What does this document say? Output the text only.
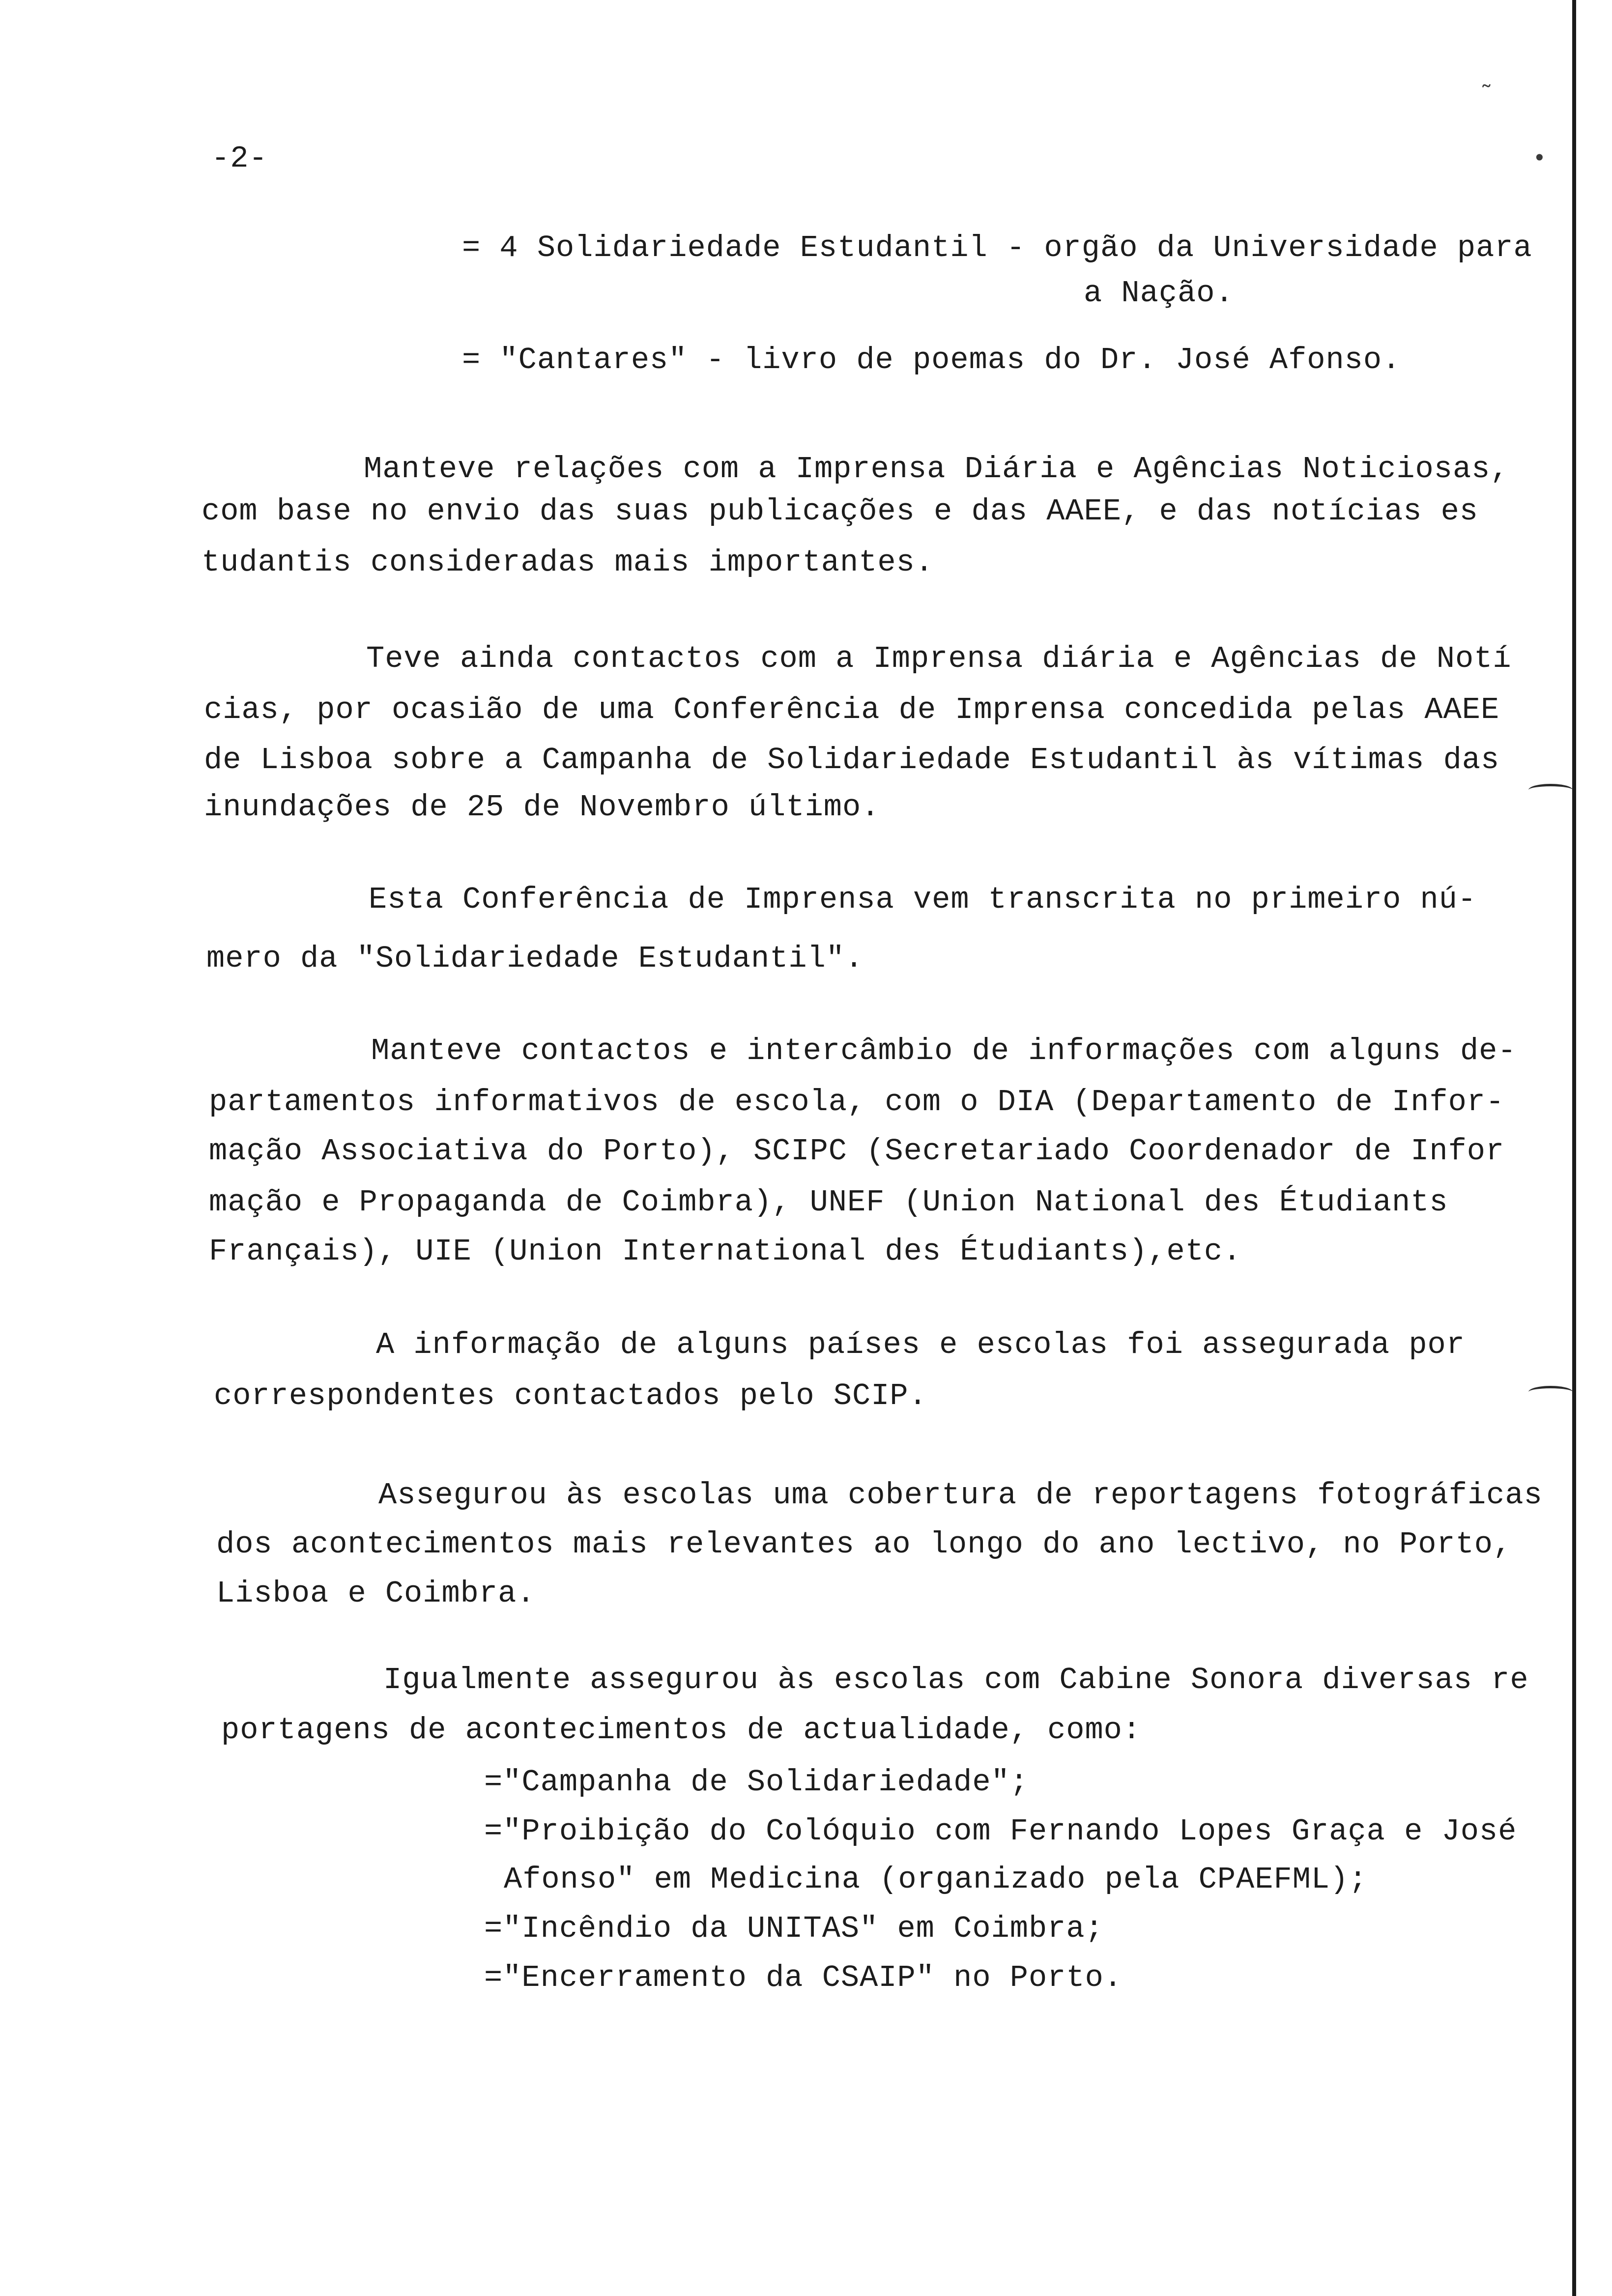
-2-
= 4 Solidariedade Estudantil - orgão da Universidade para
a Nação.
= "Cantares" - livro de poemas do Dr. José Afonso.
Manteve relações com a Imprensa Diária e Agências Noticiosas,
com base no envio das suas publicações e das AAEE, e das notícias es
tudantis consideradas mais importantes.
Teve ainda contactos com a Imprensa diária e Agências de Notí
cias, por ocasião de uma Conferência de Imprensa concedida pelas AAEE
de Lisboa sobre a Campanha de Solidariedade Estudantil às vítimas das
inundações de 25 de Novembro último.
Esta Conferência de Imprensa vem transcrita no primeiro nú-
mero da "Solidariedade Estudantil".
Manteve contactos e intercâmbio de informações com alguns de-
partamentos informativos de escola, com o DIA (Departamento de Infor-
mação Associativa do Porto), SCIPC (Secretariado Coordenador de Infor
mação e Propaganda de Coimbra), UNEF (Union National des Étudiants
Français), UIE (Union International des Étudiants),etc.
A informação de alguns países e escolas foi assegurada por
correspondentes contactados pelo SCIP.
Assegurou às escolas uma cobertura de reportagens fotográficas
dos acontecimentos mais relevantes ao longo do ano lectivo, no Porto,
Lisboa e Coimbra.
Igualmente assegurou às escolas com Cabine Sonora diversas re
portagens de acontecimentos de actualidade, como:
="Campanha de Solidariedade";
="Proibição do Colóquio com Fernando Lopes Graça e José
Afonso" em Medicina (organizado pela CPAEFML);
="Incêndio da UNITAS" em Coimbra;
="Encerramento da CSAIP" no Porto.
˜
•
